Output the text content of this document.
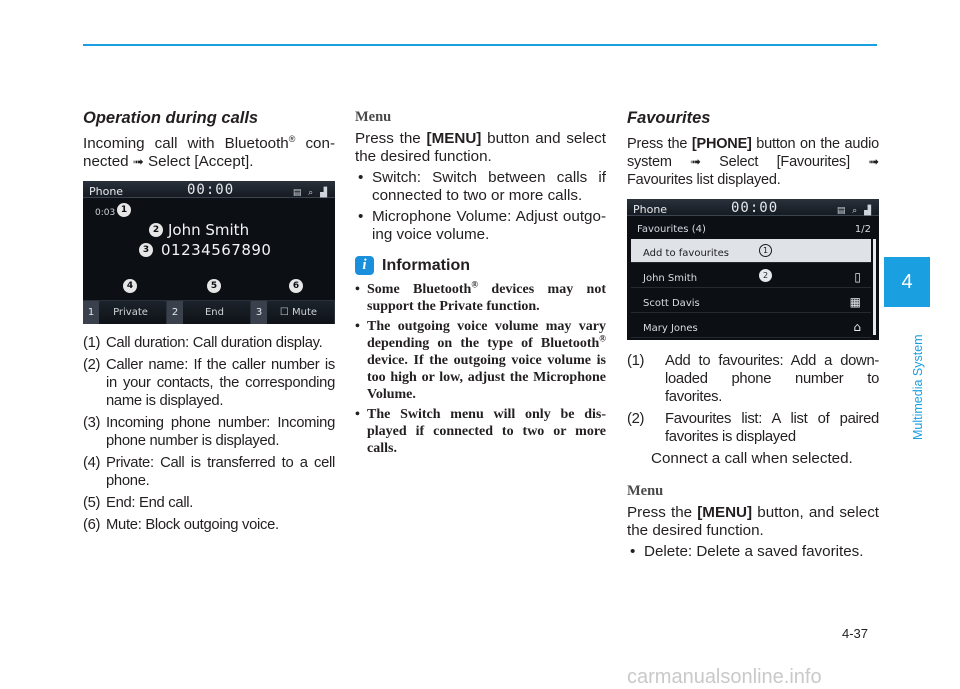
Operation during calls

Incoming call with Bluetooth® con-nected ➟ Select [Accept].

Phone	00:00	▤ ⌕ ▟
0:03 1
2 John Smith
3 01234567890
4	5	6
1	Private	2	End	3	☐ Mute
(1) Call duration: Call duration display.
(2) Caller name: If the caller number is in your contacts, the corresponding name is displayed.
(3) Incoming phone number: Incoming phone number is displayed.
(4) Private: Call is transferred to a cell phone.
(5) End: End call.
(6) Mute: Block outgoing voice.
Menu

Press the [MENU] button and select the desired function.

• Switch: Switch between calls if connected to two or more calls.
• Microphone Volume: Adjust outgo-ing voice volume.
i Information
• Some Bluetooth® devices may not support the Private function.
• The outgoing voice volume may vary depending on the type of Bluetooth® device. If the outgoing voice volume is too high or low, adjust the Microphone Volume.
• The Switch menu will only be dis-played if connected to two or more calls.
Favourites

Press the [PHONE] button on the audio system ➟ Select [Favourites] ➟ Favourites list displayed.

Phone	00:00	▤ ⌕ ▟
Favourites (4)	1/2
Add to favourites	1
John Smith	2	▯
Scott Davis	▦
Mary Jones	⌂
(1) Add to favourites: Add a down-loaded phone number to favorites.
(2) Favourites list: A list of paired favorites is displayed

Connect a call when selected.

Menu

Press the [MENU] button, and select the desired function.

• Delete: Delete a saved favorites.
4
Multimedia System
4-37
carmanualsonline.info
